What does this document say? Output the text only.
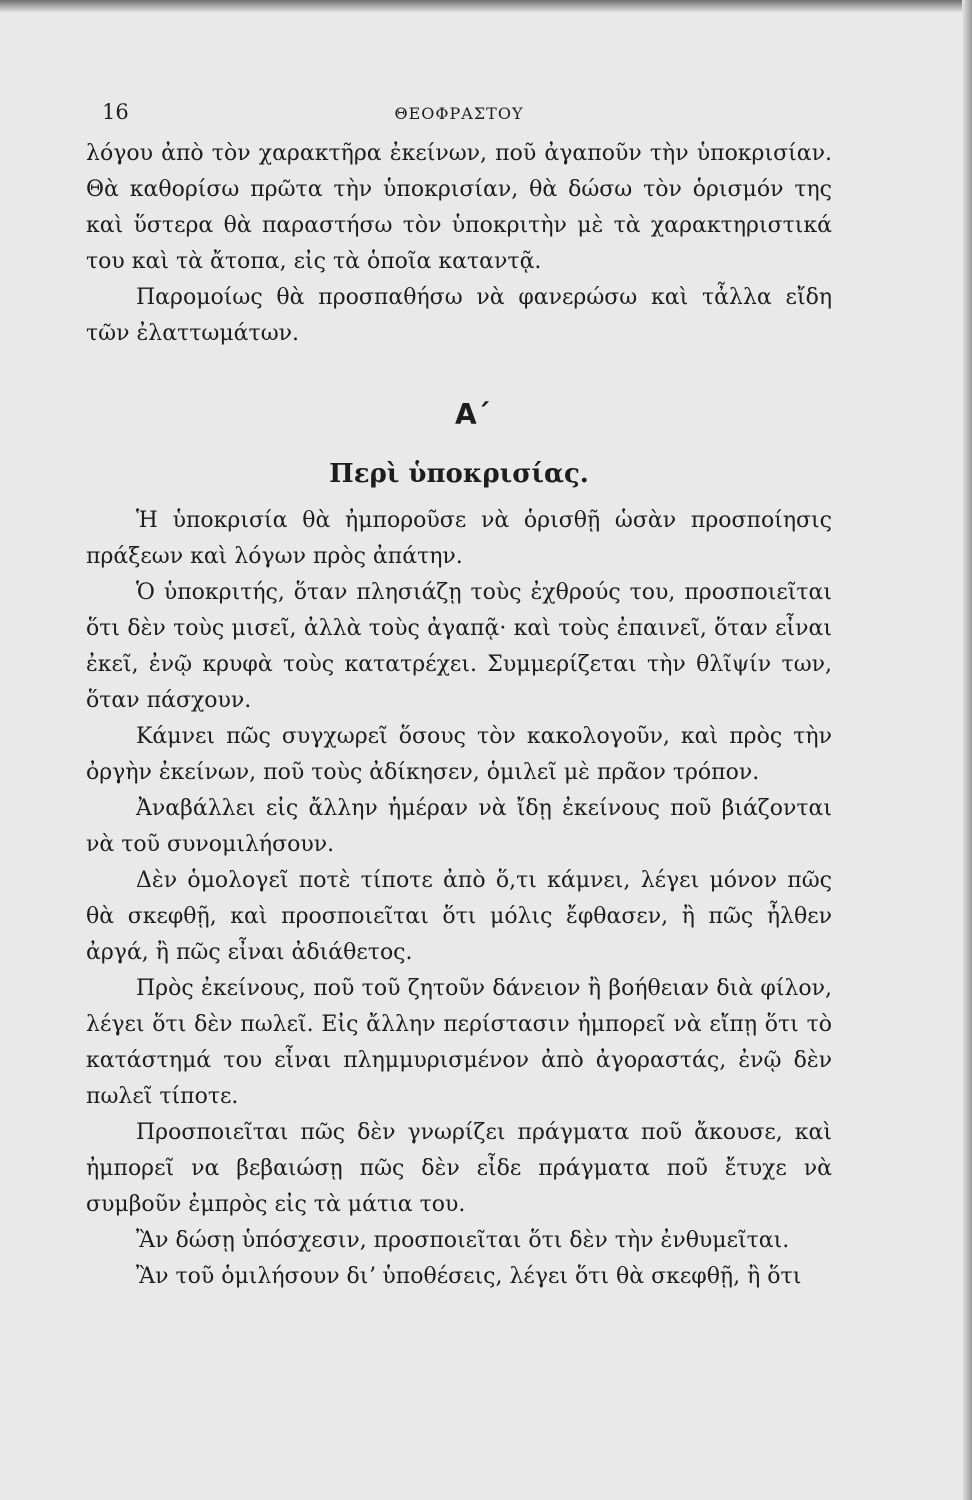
16	ΘΕΟΦΡΑΣΤΟΥ

λόγου ἀπὸ τὸν χαρακτῆρα ἐκείνων, ποῦ ἀγαποῦν τὴν ὑποκρισίαν. Θὰ καθορίσω πρῶτα τὴν ὑποκρισίαν, θὰ δώσω τὸν ὁρισμόν της καὶ ὕστερα θὰ παραστήσω τὸν ὑποκριτὴν μὲ τὰ χαρακτηριστικά του καὶ τὰ ἄτοπα, εἰς τὰ ὁποῖα καταντᾷ.

Παρομοίως θὰ προσπαθήσω νὰ φανερώσω καὶ τἆλλα εἴδη τῶν ἐλαττωμάτων.

Α΄
Περὶ ὑποκρισίας.

Ἡ ὑποκρισία θὰ ἠμποροῦσε νὰ ὁρισθῇ ὡσὰν προσποίησις πράξεων καὶ λόγων πρὸς ἀπάτην.

Ὁ ὑποκριτής, ὅταν πλησιάζῃ τοὺς ἐχθρούς του, προσποιεῖται ὅτι δὲν τοὺς μισεῖ, ἀλλὰ τοὺς ἀγαπᾷ· καὶ τοὺς ἐπαινεῖ, ὅταν εἶναι ἐκεῖ, ἐνῷ κρυφὰ τοὺς κατατρέχει. Συμμερίζεται τὴν θλῖψίν των, ὅταν πάσχουν.

Κάμνει πῶς συγχωρεῖ ὅσους τὸν κακολογοῦν, καὶ πρὸς τὴν ὀργὴν ἐκείνων, ποῦ τοὺς ἀδίκησεν, ὁμιλεῖ μὲ πρᾶον τρόπον.

Ἀναβάλλει εἰς ἄλλην ἡμέραν νὰ ἴδῃ ἐκείνους ποῦ βιάζονται νὰ τοῦ συνομιλήσουν.

Δὲν ὁμολογεῖ ποτὲ τίποτε ἀπὸ ὅ,τι κάμνει, λέγει μόνον πῶς θὰ σκεφθῇ, καὶ προσποιεῖται ὅτι μόλις ἔφθασεν, ἢ πῶς ἦλθεν ἀργά, ἢ πῶς εἶναι ἀδιάθετος.

Πρὸς ἐκείνους, ποῦ τοῦ ζητοῦν δάνειον ἢ βοήθειαν διὰ φίλον, λέγει ὅτι δὲν πωλεῖ. Εἰς ἄλλην περίστασιν ἠμπορεῖ νὰ εἴπῃ ὅτι τὸ κατάστημά του εἶναι πλημμυρισμένον ἀπὸ ἀγοραστάς, ἐνῷ δὲν πωλεῖ τίποτε.

Προσποιεῖται πῶς δὲν γνωρίζει πράγματα ποῦ ἄκουσε, καὶ ἠμπορεῖ να βεβαιώσῃ πῶς δὲν εἶδε πράγματα ποῦ ἔτυχε νὰ συμβοῦν ἐμπρὸς εἰς τὰ μάτια του.

Ἂν δώσῃ ὑπόσχεσιν, προσποιεῖται ὅτι δὲν τὴν ἐνθυμεῖται.

Ἂν τοῦ ὁμιλήσουν διʼ ὑποθέσεις, λέγει ὅτι θὰ σκεφθῇ, ἢ ὅτι
